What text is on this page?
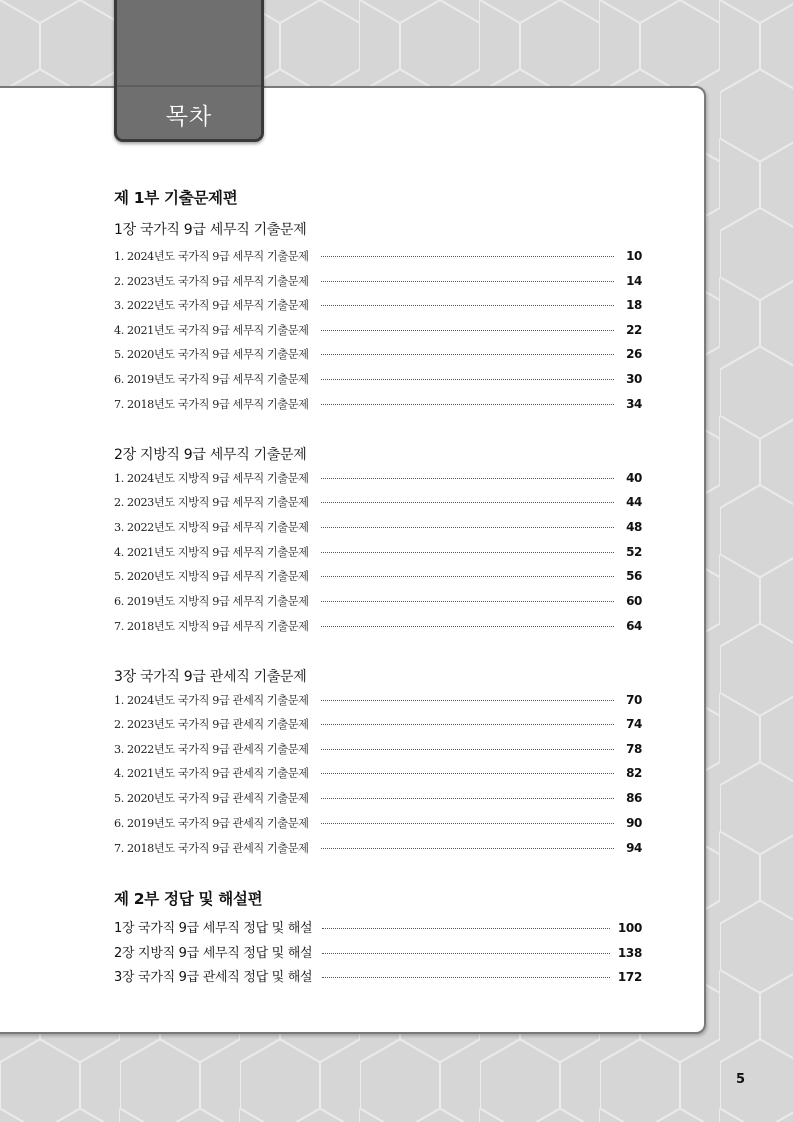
목차
제 1부 기출문제편
1장 국가직 9급 세무직 기출문제
1. 2024년도 국가직 9급 세무직 기출문제	10
2. 2023년도 국가직 9급 세무직 기출문제	14
3. 2022년도 국가직 9급 세무직 기출문제	18
4. 2021년도 국가직 9급 세무직 기출문제	22
5. 2020년도 국가직 9급 세무직 기출문제	26
6. 2019년도 국가직 9급 세무직 기출문제	30
7. 2018년도 국가직 9급 세무직 기출문제	34
2장 지방직 9급 세무직 기출문제
1. 2024년도 지방직 9급 세무직 기출문제	40
2. 2023년도 지방직 9급 세무직 기출문제	44
3. 2022년도 지방직 9급 세무직 기출문제	48
4. 2021년도 지방직 9급 세무직 기출문제	52
5. 2020년도 지방직 9급 세무직 기출문제	56
6. 2019년도 지방직 9급 세무직 기출문제	60
7. 2018년도 지방직 9급 세무직 기출문제	64
3장 국가직 9급 관세직 기출문제
1. 2024년도 국가직 9급 관세직 기출문제	70
2. 2023년도 국가직 9급 관세직 기출문제	74
3. 2022년도 국가직 9급 관세직 기출문제	78
4. 2021년도 국가직 9급 관세직 기출문제	82
5. 2020년도 국가직 9급 관세직 기출문제	86
6. 2019년도 국가직 9급 관세직 기출문제	90
7. 2018년도 국가직 9급 관세직 기출문제	94
제 2부 정답 및 해설편
1장 국가직 9급 세무직 정답 및 해설	100
2장 지방직 9급 세무직 정답 및 해설	138
3장 국가직 9급 관세직 정답 및 해설	172
5
